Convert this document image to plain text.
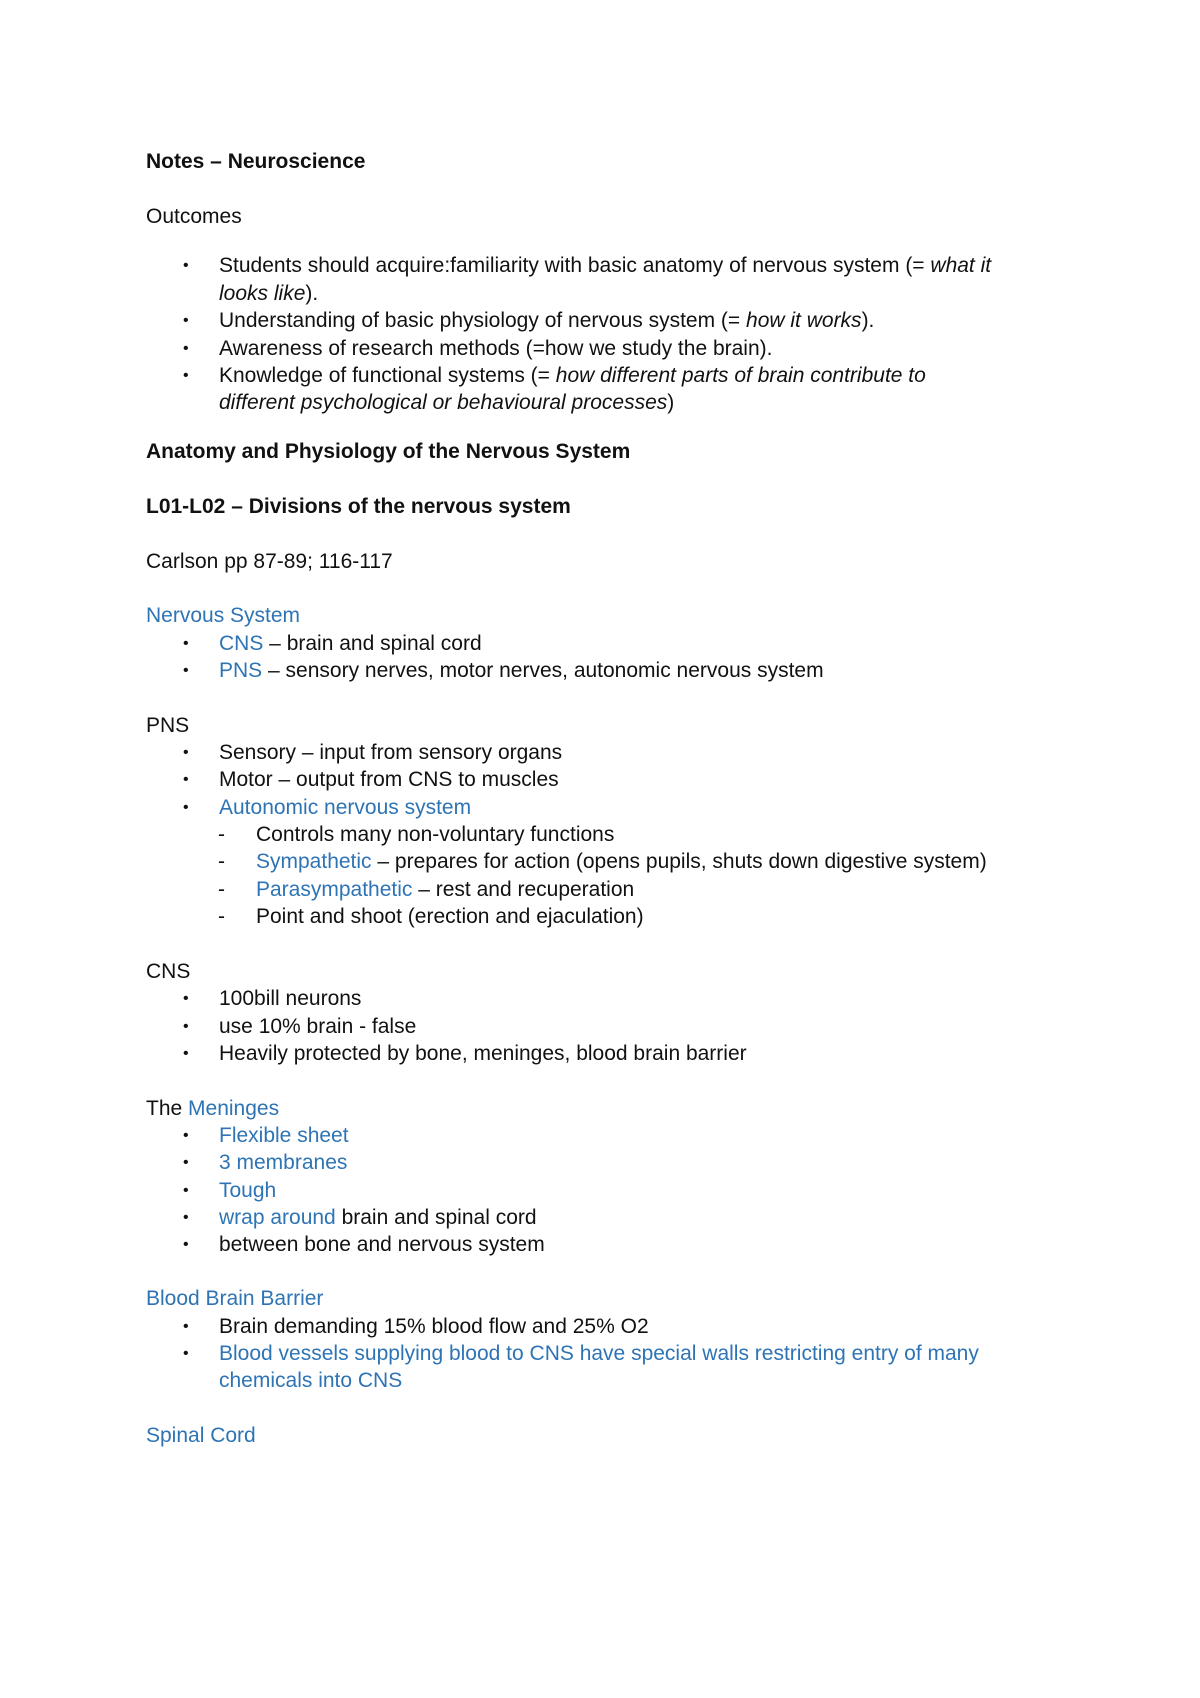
Notes – Neuroscience
Outcomes
•	Students should acquire:familiarity with basic anatomy of nervous system (= what it
looks like).
•	Understanding of basic physiology of nervous system (= how it works).
•	Awareness of research methods (=how we study the brain).
•	Knowledge of functional systems (= how different parts of brain contribute to
different psychological or behavioural processes)
Anatomy and Physiology of the Nervous System
L01-L02 – Divisions of the nervous system
Carlson pp 87-89; 116-117
Nervous System
•	CNS – brain and spinal cord
•	PNS – sensory nerves, motor nerves, autonomic nervous system
PNS
•	Sensory – input from sensory organs
•	Motor – output from CNS to muscles
•	Autonomic nervous system
- Controls many non-voluntary functions
- Sympathetic – prepares for action (opens pupils, shuts down digestive system)
- Parasympathetic – rest and recuperation
- Point and shoot (erection and ejaculation)
CNS
•	100bill neurons
•	use 10% brain - false
•	Heavily protected by bone, meninges, blood brain barrier
The Meninges
•	Flexible sheet
•	3 membranes
•	Tough
•	wrap around brain and spinal cord
•	between bone and nervous system
Blood Brain Barrier
•	Brain demanding 15% blood flow and 25% O2
•	Blood vessels supplying blood to CNS have special walls restricting entry of many
chemicals into CNS
Spinal Cord
